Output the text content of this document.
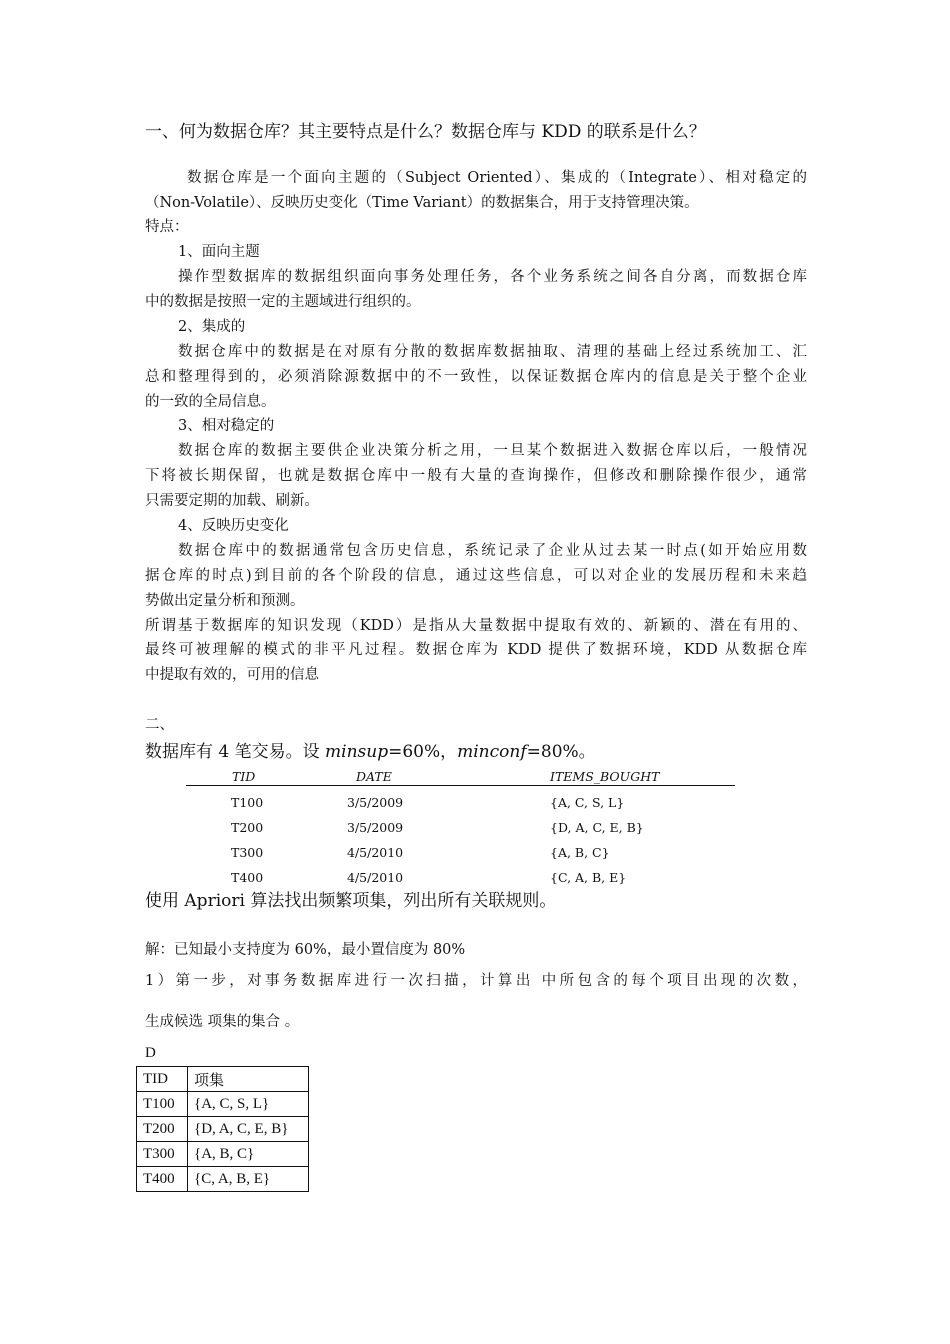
一、何为数据仓库？其主要特点是什么？数据仓库与 KDD 的联系是什么？
数据仓库是一个面向主题的（Subject Oriented）、集成的（Integrate）、相对稳定的
（Non-Volatile）、反映历史变化（Time Variant）的数据集合，用于支持管理决策。
特点：
1、面向主题
操作型数据库的数据组织面向事务处理任务，各个业务系统之间各自分离，而数据仓库
中的数据是按照一定的主题域进行组织的。
2、集成的
数据仓库中的数据是在对原有分散的数据库数据抽取、清理的基础上经过系统加工、汇
总和整理得到的，必须消除源数据中的不一致性，以保证数据仓库内的信息是关于整个企业
的一致的全局信息。
3、相对稳定的
数据仓库的数据主要供企业决策分析之用，一旦某个数据进入数据仓库以后，一般情况
下将被长期保留，也就是数据仓库中一般有大量的查询操作，但修改和删除操作很少，通常
只需要定期的加载、刷新。
4、反映历史变化
数据仓库中的数据通常包含历史信息，系统记录了企业从过去某一时点(如开始应用数
据仓库的时点)到目前的各个阶段的信息，通过这些信息，可以对企业的发展历程和未来趋
势做出定量分析和预测。
所谓基于数据库的知识发现（KDD）是指从大量数据中提取有效的、新颖的、潜在有用的、
最终可被理解的模式的非平凡过程。数据仓库为 KDD 提供了数据环境，KDD 从数据仓库
中提取有效的，可用的信息
二、
数据库有 4 笔交易。设 minsup=60%，minconf=80%。
TID	DATE	ITEMS_BOUGHT
T100	3/5/2009	{A, C, S, L}
T200	3/5/2009	{D, A, C, E, B}
T300	4/5/2010	{A, B, C}
T400	4/5/2010	{C, A, B, E}
使用 Apriori 算法找出频繁项集，列出所有关联规则。
解：已知最小支持度为 60%，最小置信度为 80%
1）第一步，对事务数据库进行一次扫描，计算出 中所包含的每个项目出现的次数，
生成候选 项集的集合 。
D
TID	项集
T100	{A, C, S, L}
T200	{D, A, C, E, B}
T300	{A, B, C}
T400	{C, A, B, E}
